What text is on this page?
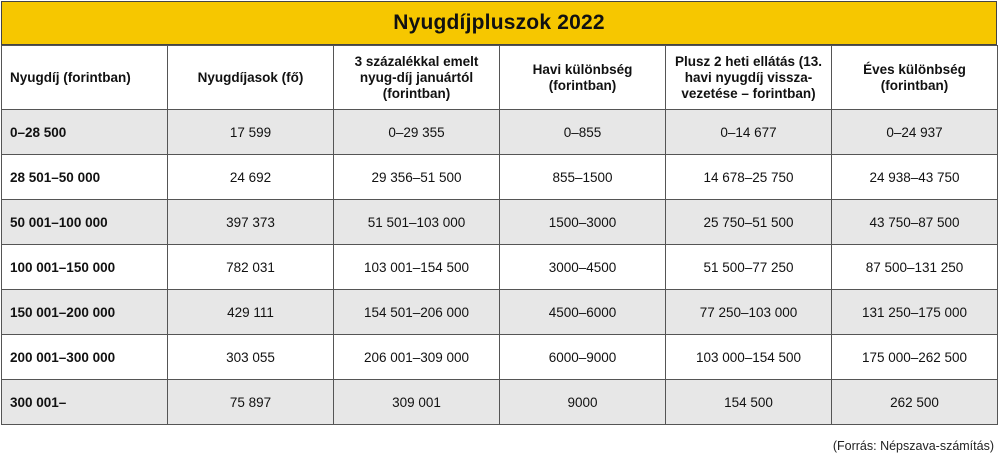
Nyugdíjpluszok 2022
Nyugdíj (forintban)	Nyugdíjasok (fő)	3 százalékkal emelt nyug-díj januártól (forintban)	Havi különbség (forintban)	Plusz 2 heti ellátás (13. havi nyugdíj vissza-vezetése – forintban)	Éves különbség (forintban)
0–28 500	17 599	0–29 355	0–855	0–14 677	0–24 937
28 501–50 000	24 692	29 356–51 500	855–1500	14 678–25 750	24 938–43 750
50 001–100 000	397 373	51 501–103 000	1500–3000	25 750–51 500	43 750–87 500
100 001–150 000	782 031	103 001–154 500	3000–4500	51 500–77 250	87 500–131 250
150 001–200 000	429 111	154 501–206 000	4500–6000	77 250–103 000	131 250–175 000
200 001–300 000	303 055	206 001–309 000	6000–9000	103 000–154 500	175 000–262 500
300 001–	75 897	309 001	9000	154 500	262 500
(Forrás: Népszava-számítás)
